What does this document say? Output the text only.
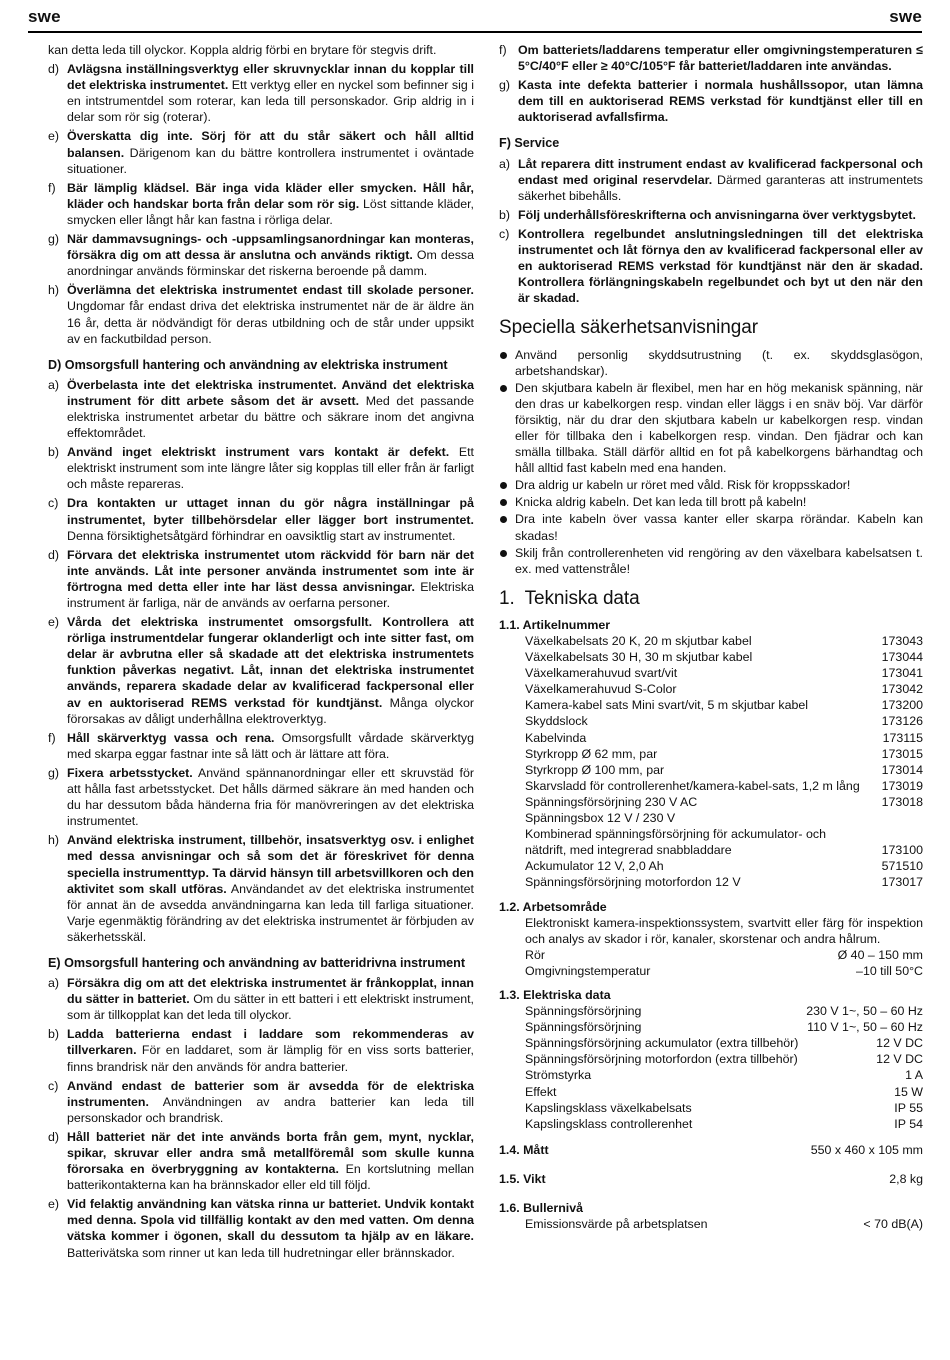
swe	swe

kan detta leda till olyckor. Koppla aldrig förbi en brytare för stegvis drift.

d) Avlägsna inställningsverktyg eller skruvnycklar innan du kopplar till det elektriska instrumentet. Ett verktyg eller en nyckel som befinner sig i en intstrumentdel som roterar, kan leda till personskador. Grip aldrig in i delar som rör sig (roterar).
e) Överskatta dig inte. Sörj för att du står säkert och håll alltid balansen. Därigenom kan du bättre kontrollera instrumentet i oväntade situationer.
f) Bär lämplig klädsel. Bär inga vida kläder eller smycken. Håll hår, kläder och handskar borta från delar som rör sig. Löst sittande kläder, smycken eller långt hår kan fastna i rörliga delar.
g) När dammavsugnings- och -uppsamlingsanordningar kan monteras, försäkra dig om att dessa är anslutna och används riktigt. Om dessa anordningar används förminskar det riskerna beroende på damm.
h) Överlämna det elektriska instrumentet endast till skolade personer. Ungdomar får endast driva det elektriska instrumentet när de är äldre än 16 år, detta är nödvändigt för deras utbildning och de står under uppsikt av en fackutbildad person.

D) Omsorgsfull hantering och användning av elektriska instrument

a) Överbelasta inte det elektriska instrumentet. Använd det elektriska instrument för ditt arbete såsom det är avsett. Med det passande elektriska instrumentet arbetar du bättre och säkrare inom det angivna effektområdet.
b) Använd inget elektriskt instrument vars kontakt är defekt. Ett elektriskt instrument som inte längre låter sig kopplas till eller från är farligt och måste repareras.
c) Dra kontakten ur uttaget innan du gör några inställningar på instrumentet, byter tillbehörsdelar eller lägger bort instrumentet. Denna försiktighetsåtgärd förhindrar en oavsiktlig start av instrumentet.
d) Förvara det elektriska instrumentet utom räckvidd för barn när det inte används. Låt inte personer använda instrumentet som inte är förtrogna med detta eller inte har läst dessa anvisningar. Elektriska instrument är farliga, när de används av oerfarna personer.
e) Vårda det elektriska instrumentet omsorgsfullt. Kontrollera att rörliga instrumentdelar fungerar oklanderligt och inte sitter fast, om delar är avbrutna eller så skadade att det elektriska instrumentets funktion påverkas negativt. Låt, innan det elektriska instrumentet används, reparera skadade delar av kvalificerad fackpersonal eller av en auktoriserad REMS verkstad för kundtjänst. Många olyckor förorsakas av dåligt underhållna elektroverktyg.
f) Håll skärverktyg vassa och rena. Omsorgsfullt vårdade skärverktyg med skarpa eggar fastnar inte så lätt och är lättare att föra.
g) Fixera arbetsstycket. Använd spännanordningar eller ett skruvstäd för att hålla fast arbetsstycket. Det hålls därmed säkrare än med handen och du har dessutom båda händerna fria för manövreringen av det elektriska instrumentet.
h) Använd elektriska instrument, tillbehör, insatsverktyg osv. i enlighet med dessa anvisningar och så som det är föreskrivet för denna speciella instrumenttyp. Ta därvid hänsyn till arbetsvillkoren och den aktivitet som skall utföras. Användandet av det elektriska instrumentet för annat än de avsedda användningarna kan leda till farliga situationer. Varje egenmäktig förändring av det elektriska instrumentet är förbjuden av säkerhetsskäl.

E) Omsorgsfull hantering och användning av batteridrivna instrument

a) Försäkra dig om att det elektriska instrumentet är frånkopplat, innan du sätter in batteriet. Om du sätter in ett batteri i ett elektriskt instrument, som är tillkopplat kan det leda till olyckor.
b) Ladda batterierna endast i laddare som rekommenderas av tillverkaren. För en laddaret, som är lämplig för en viss sorts batterier, finns brandrisk när den används för andra batterier.
c) Använd endast de batterier som är avsedda för de elektriska instrumenten. Användningen av andra batterier kan leda till personskador och brandrisk.
d) Håll batteriet när det inte används borta från gem, mynt, nycklar, spikar, skruvar eller andra små metallföremål som skulle kunna förorsaka en överbryggning av kontakterna. En kortslutning mellan batterikontakterna kan ha brännskador eller eld till följd.
e) Vid felaktig användning kan vätska rinna ur batteriet. Undvik kontakt med denna. Spola vid tillfällig kontakt av den med vatten. Om denna vätska kommer i ögonen, skall du dessutom ta hjälp av en läkare. Batterivätska som rinner ut kan leda till hudretningar eller brännskador.
f) Om batteriets/laddarens temperatur eller omgivningstemperaturen ≤ 5°C/40°F eller ≥ 40°C/105°F får batteriet/laddaren inte användas.
g) Kasta inte defekta batterier i normala hushållssopor, utan lämna dem till en auktoriserad REMS verkstad för kundtjänst eller till en auktoriserad avfallsfirma.

F) Service

a) Låt reparera ditt instrument endast av kvalificerad fackpersonal och endast med original reservdelar. Därmed garanteras att instrumentets säkerhet bibehålls.
b) Följ underhållsföreskrifterna och anvisningarna över verktygsbytet.
c) Kontrollera regelbundet anslutningsledningen till det elektriska instrumentet och låt förnya den av kvalificerad fackpersonal eller av en auktoriserad REMS verkstad för kundtjänst när den är skadad. Kontrollera förlängningskabeln regelbundet och byt ut den när den är skadad.
Speciella säkerhetsanvisningar
Använd personlig skyddsutrustning (t. ex. skyddsglasögon, arbetshandskar).
Den skjutbara kabeln är flexibel, men har en hög mekanisk spänning, när den dras ur kabelkorgen resp. vindan eller läggs i en snäv böj. Var därför försiktig, när du drar den skjutbara kabeln ur kabelkorgen resp. vindan eller för tillbaka den i kabelkorgen resp. vindan. Den fjädrar och kan smälla tillbaka. Ställ därför alltid en fot på kabelkorgens bärhandtag och håll alltid fast kabeln med ena handen.
Dra aldrig ur kabeln ur röret med våld. Risk för kroppsskador!
Knicka aldrig kabeln. Det kan leda till brott på kabeln!
Dra inte kabeln över vassa kanter eller skarpa rörändar. Kabeln kan skadas!
Skilj från controllerenheten vid rengöring av den växelbara kabelsatsen t. ex. med vattenstråle!
1. Tekniska data
1.1. Artikelnummer
Växelkabelsats 20 K, 20 m skjutbar kabel	173043
Växelkabelsats 30 H, 30 m skjutbar kabel	173044
Växelkamerahuvud svart/vit	173041
Växelkamerahuvud S-Color	173042
Kamera-kabel sats Mini svart/vit, 5 m skjutbar kabel	173200
Skyddslock	173126
Kabelvinda	173115
Styrkropp Ø 62 mm, par	173015
Styrkropp Ø 100 mm, par	173014
Skarvsladd för controllerenhet/kamera-kabel-sats, 1,2 m lång 173019
Spänningsförsörjning 230 V AC	173018
Spänningsbox 12 V / 230 V
Kombinerad spänningsförsörjning för ackumulator- och
nätdrift, med integrerad snabbladdare	173100
Ackumulator 12 V, 2,0 Ah	571510
Spänningsförsörjning motorfordon 12 V	173017
1.2. Arbetsområde
Elektroniskt kamera-inspektionssystem, svartvitt eller färg för inspektion och analys av skador i rör, kanaler, skorstenar och andra hålrum.
Rör	Ø 40 – 150 mm
Omgivningstemperatur	–10 till 50°C
1.3. Elektriska data
Spänningsförsörjning	230 V 1~, 50 – 60 Hz
Spänningsförsörjning	110 V 1~, 50 – 60 Hz
Spänningsförsörjning ackumulator (extra tillbehör)	12 V DC
Spänningsförsörjning motorfordon (extra tillbehör)	12 V DC
Strömstyrka	1 A
Effekt	15 W
Kapslingsklass växelkabelsats	IP 55
Kapslingsklass controllerenhet	IP 54
1.4. Mått	550 x 460 x 105 mm
1.5. Vikt	2,8 kg
1.6. Bullernivå
Emissionsvärde på arbetsplatsen	< 70 dB(A)
